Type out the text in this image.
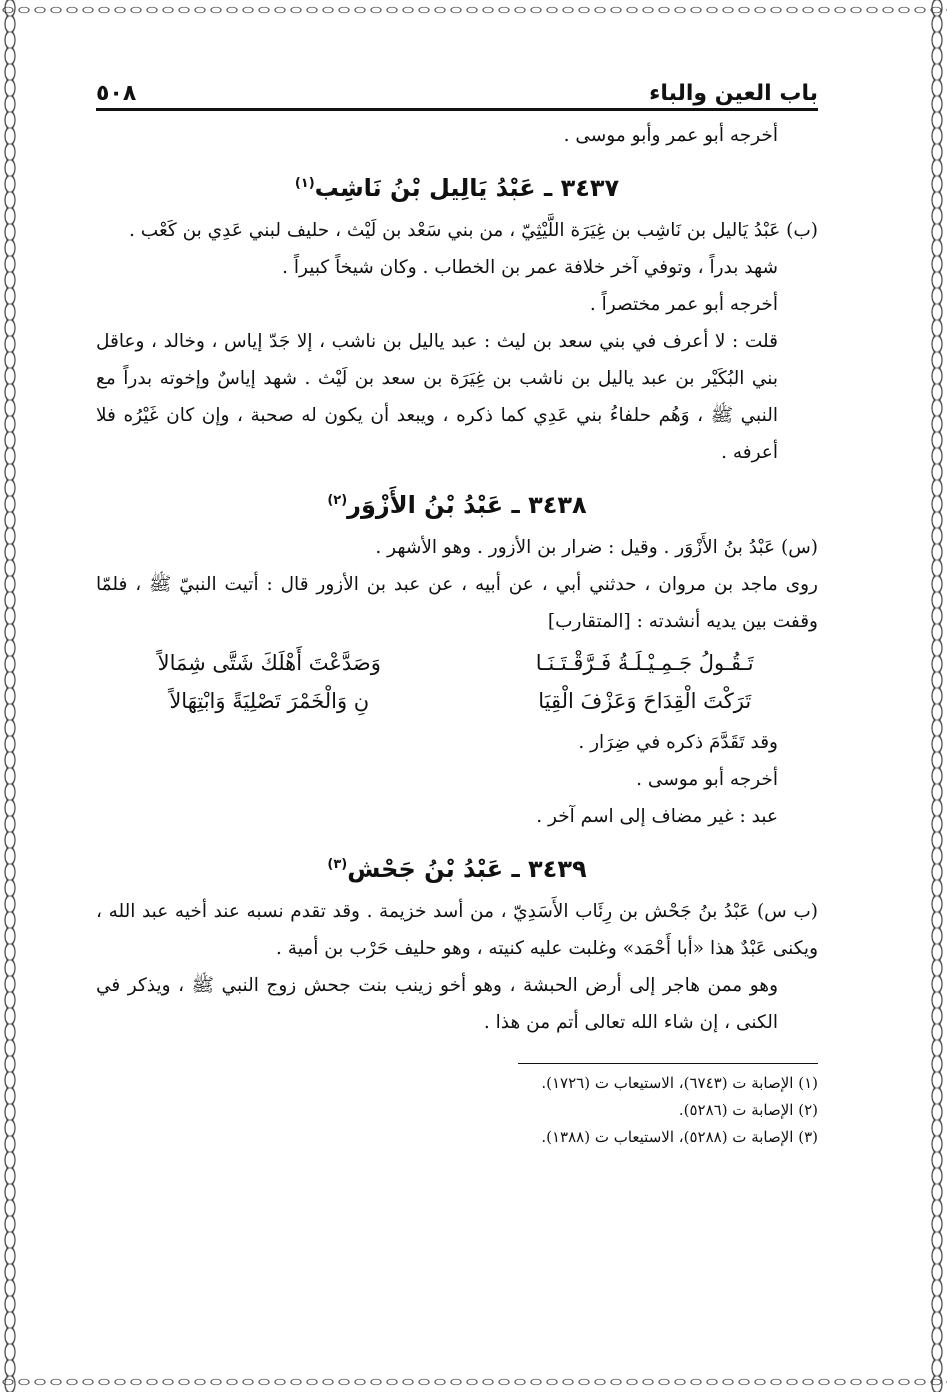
باب العين والباء
٥٠٨

أخرجه أبو عمر وأبو موسى .

٣٤٣٧ ـ عَبْدُ يَالِيل بْنُ نَاشِب$^{(١)}$

(ب) عَبْدُ يَاليل بن نَاشِب بن غِيَرَة اللَّيْثِيّ ، من بني سَعْد بن لَيْث ، حليف لبني عَدِي بن كَعْب .

شهد بدراً ، وتوفي آخر خلافة عمر بن الخطاب . وكان شيخاً كبيراً .

أخرجه أبو عمر مختصراً .

قلت : لا أعرف في بني سعد بن ليث : عبد ياليل بن ناشب ، إلا جَدّ إياس ، وخالد ، وعاقل بني البُكَيْر بن عبد ياليل بن ناشب بن غِيَرَة بن سعد بن لَيْث . شهد إياسٌ وإخوته بدراً مع النبي ﷺ ، وَهُم حلفاءُ بني عَدِي كما ذكره ، ويبعد أن يكون له صحبة ، وإن كان غَيْرُه فلا أعرفه .

٣٤٣٨ ـ عَبْدُ بْنُ الأَزْوَر$^{(٢)}$

(س) عَبْدُ بنُ الأَزْوَر . وقيل : ضرار بن الأزور . وهو الأشهر .

روى ماجد بن مروان ، حدثني أبي ، عن أبيه ، عن عبد بن الأزور قال : أتيت النبيّ ﷺ ، فلمّا وقفت بين يديه أنشدته : [المتقارب]

تَـقُـولُ جَـمِـيْـلَـةُ فَـرَّقْـتَـنَـا
وَصَدَّعْتَ أَهْلَكَ شَتَّى شِمَالاً
تَرَكْتَ الْقِدَاحَ وَعَزْفَ الْقِيَا
نِ وَالْخَمْرَ تَصْلِيَةً وَابْتِهَالاً

وقد تَقَدَّمَ ذكره في ضِرَار .

أخرجه أبو موسى .

عبد : غير مضاف إلى اسم آخر .

٣٤٣٩ ـ عَبْدُ بْنُ جَحْش$^{(٣)}$

(ب س) عَبْدُ بنُ جَحْش بن رِئَاب الأَسَدِيّ ، من أسد خزيمة . وقد تقدم نسبه عند أخيه عبد الله ، ويكنى عَبْدٌ هذا «أبا أَحْمَد» وغلبت عليه كنيته ، وهو حليف حَرْب بن أمية .

وهو ممن هاجر إلى أرض الحبشة ، وهو أخو زينب بنت جحش زوج النبي ﷺ ، ويذكر في الكنى ، إن شاء الله تعالى أتم من هذا .

(١) الإصابة ت (٦٧٤٣)، الاستيعاب ت (١٧٢٦).
(٢) الإصابة ت (٥٢٨٦).
(٣) الإصابة ت (٥٢٨٨)، الاستيعاب ت (١٣٨٨).
